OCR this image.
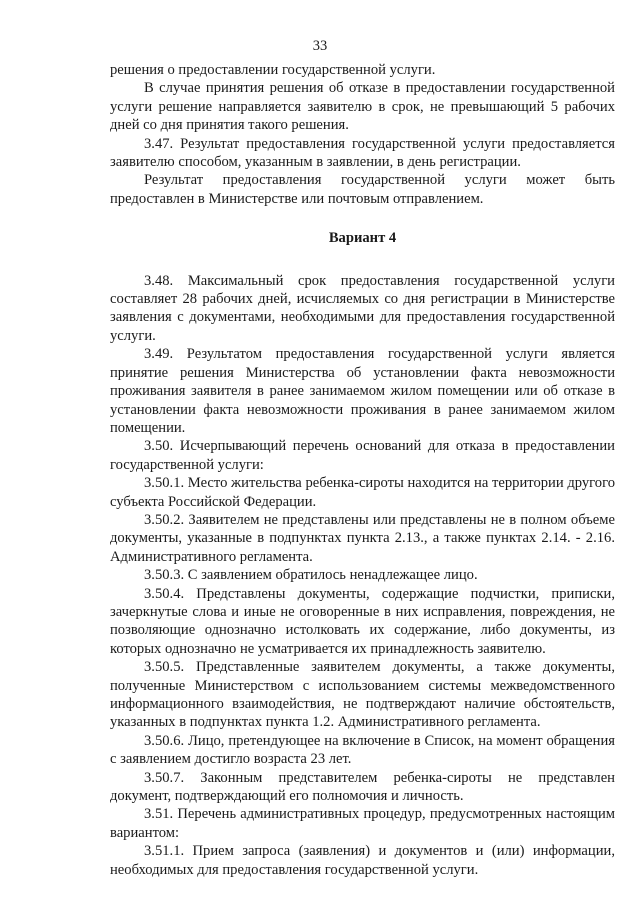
33

решения о предоставлении государственной услуги.

В случае принятия решения об отказе в предоставлении государственной услуги решение направляется заявителю в срок, не превышающий 5 рабочих дней со дня принятия такого решения.

3.47. Результат предоставления государственной услуги предоставляется заявителю способом, указанным в заявлении, в день регистрации.

Результат предоставления государственной услуги может быть предоставлен в Министерстве или почтовым отправлением.

Вариант 4

3.48. Максимальный срок предоставления государственной услуги составляет 28 рабочих дней, исчисляемых со дня регистрации в Министерстве заявления с документами, необходимыми для предоставления государственной услуги.

3.49. Результатом предоставления государственной услуги является принятие решения Министерства об установлении факта невозможности проживания заявителя в ранее занимаемом жилом помещении или об отказе в установлении факта невозможности проживания в ранее занимаемом жилом помещении.

3.50. Исчерпывающий перечень оснований для отказа в предоставлении государственной услуги:

3.50.1. Место жительства ребенка-сироты находится на территории другого субъекта Российской Федерации.

3.50.2. Заявителем не представлены или представлены не в полном объеме документы, указанные в подпунктах пункта 2.13., а также пунктах 2.14. - 2.16. Административного регламента.

3.50.3. С заявлением обратилось ненадлежащее лицо.

3.50.4. Представлены документы, содержащие подчистки, приписки, зачеркнутые слова и иные не оговоренные в них исправления, повреждения, не позволяющие однозначно истолковать их содержание, либо документы, из которых однозначно не усматривается их принадлежность заявителю.

3.50.5. Представленные заявителем документы, а также документы, полученные Министерством с использованием системы межведомственного информационного взаимодействия, не подтверждают наличие обстоятельств, указанных в подпунктах пункта 1.2. Административного регламента.

3.50.6. Лицо, претендующее на включение в Список, на момент обращения с заявлением достигло возраста 23 лет.

3.50.7. Законным представителем ребенка-сироты не представлен документ, подтверждающий его полномочия и личность.

3.51. Перечень административных процедур, предусмотренных настоящим вариантом:

3.51.1. Прием запроса (заявления) и документов и (или) информации, необходимых для предоставления государственной услуги.
